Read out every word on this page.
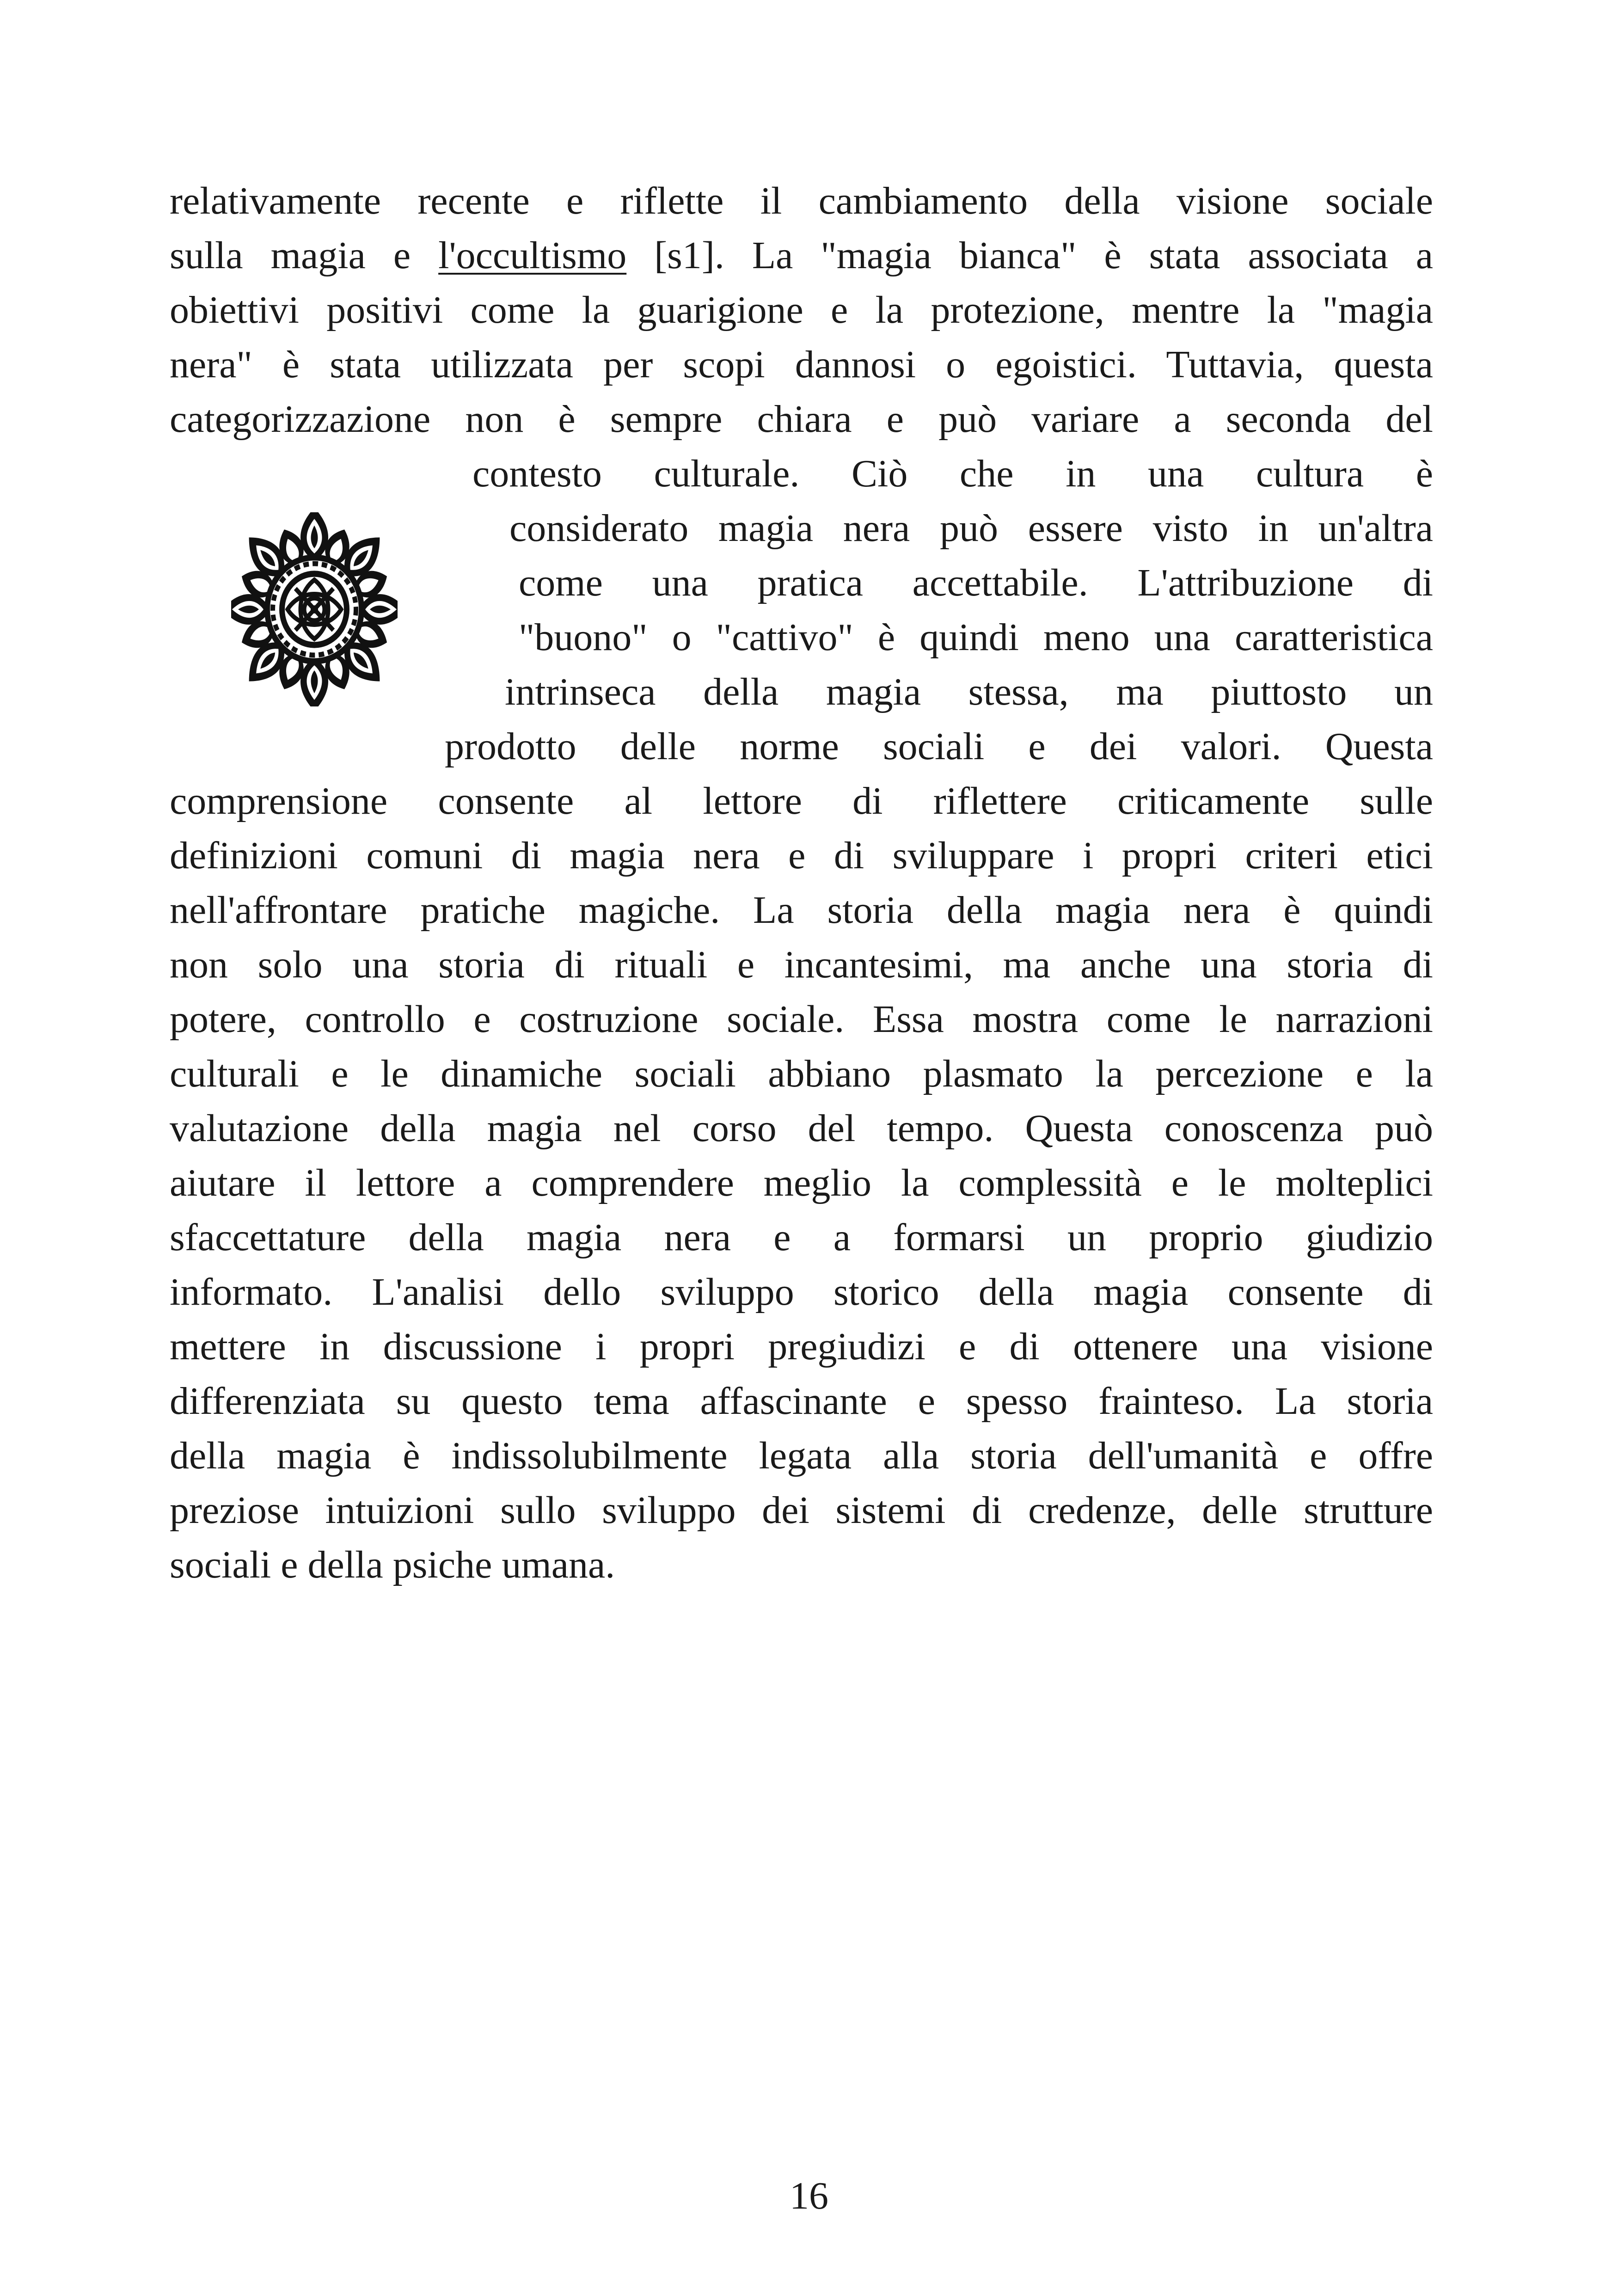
relativamente recente e riflette il cambiamento della visione sociale
sulla magia e l'occultismo [s1]. La "magia bianca" è stata associata a
obiettivi positivi come la guarigione e la protezione, mentre la "magia
nera" è stata utilizzata per scopi dannosi o egoistici. Tuttavia, questa
categorizzazione non è sempre chiara e può variare a seconda del
contesto culturale. Ciò che in una cultura è
considerato magia nera può essere visto in un'altra
come una pratica accettabile. L'attribuzione di
"buono" o "cattivo" è quindi meno una caratteristica
intrinseca della magia stessa, ma piuttosto un
prodotto delle norme sociali e dei valori. Questa
comprensione consente al lettore di riflettere criticamente sulle
definizioni comuni di magia nera e di sviluppare i propri criteri etici
nell'affrontare pratiche magiche. La storia della magia nera è quindi
non solo una storia di rituali e incantesimi, ma anche una storia di
potere, controllo e costruzione sociale. Essa mostra come le narrazioni
culturali e le dinamiche sociali abbiano plasmato la percezione e la
valutazione della magia nel corso del tempo. Questa conoscenza può
aiutare il lettore a comprendere meglio la complessità e le molteplici
sfaccettature della magia nera e a formarsi un proprio giudizio
informato. L'analisi dello sviluppo storico della magia consente di
mettere in discussione i propri pregiudizi e di ottenere una visione
differenziata su questo tema affascinante e spesso frainteso. La storia
della magia è indissolubilmente legata alla storia dell'umanità e offre
preziose intuizioni sullo sviluppo dei sistemi di credenze, delle strutture
sociali e della psiche umana.
16
